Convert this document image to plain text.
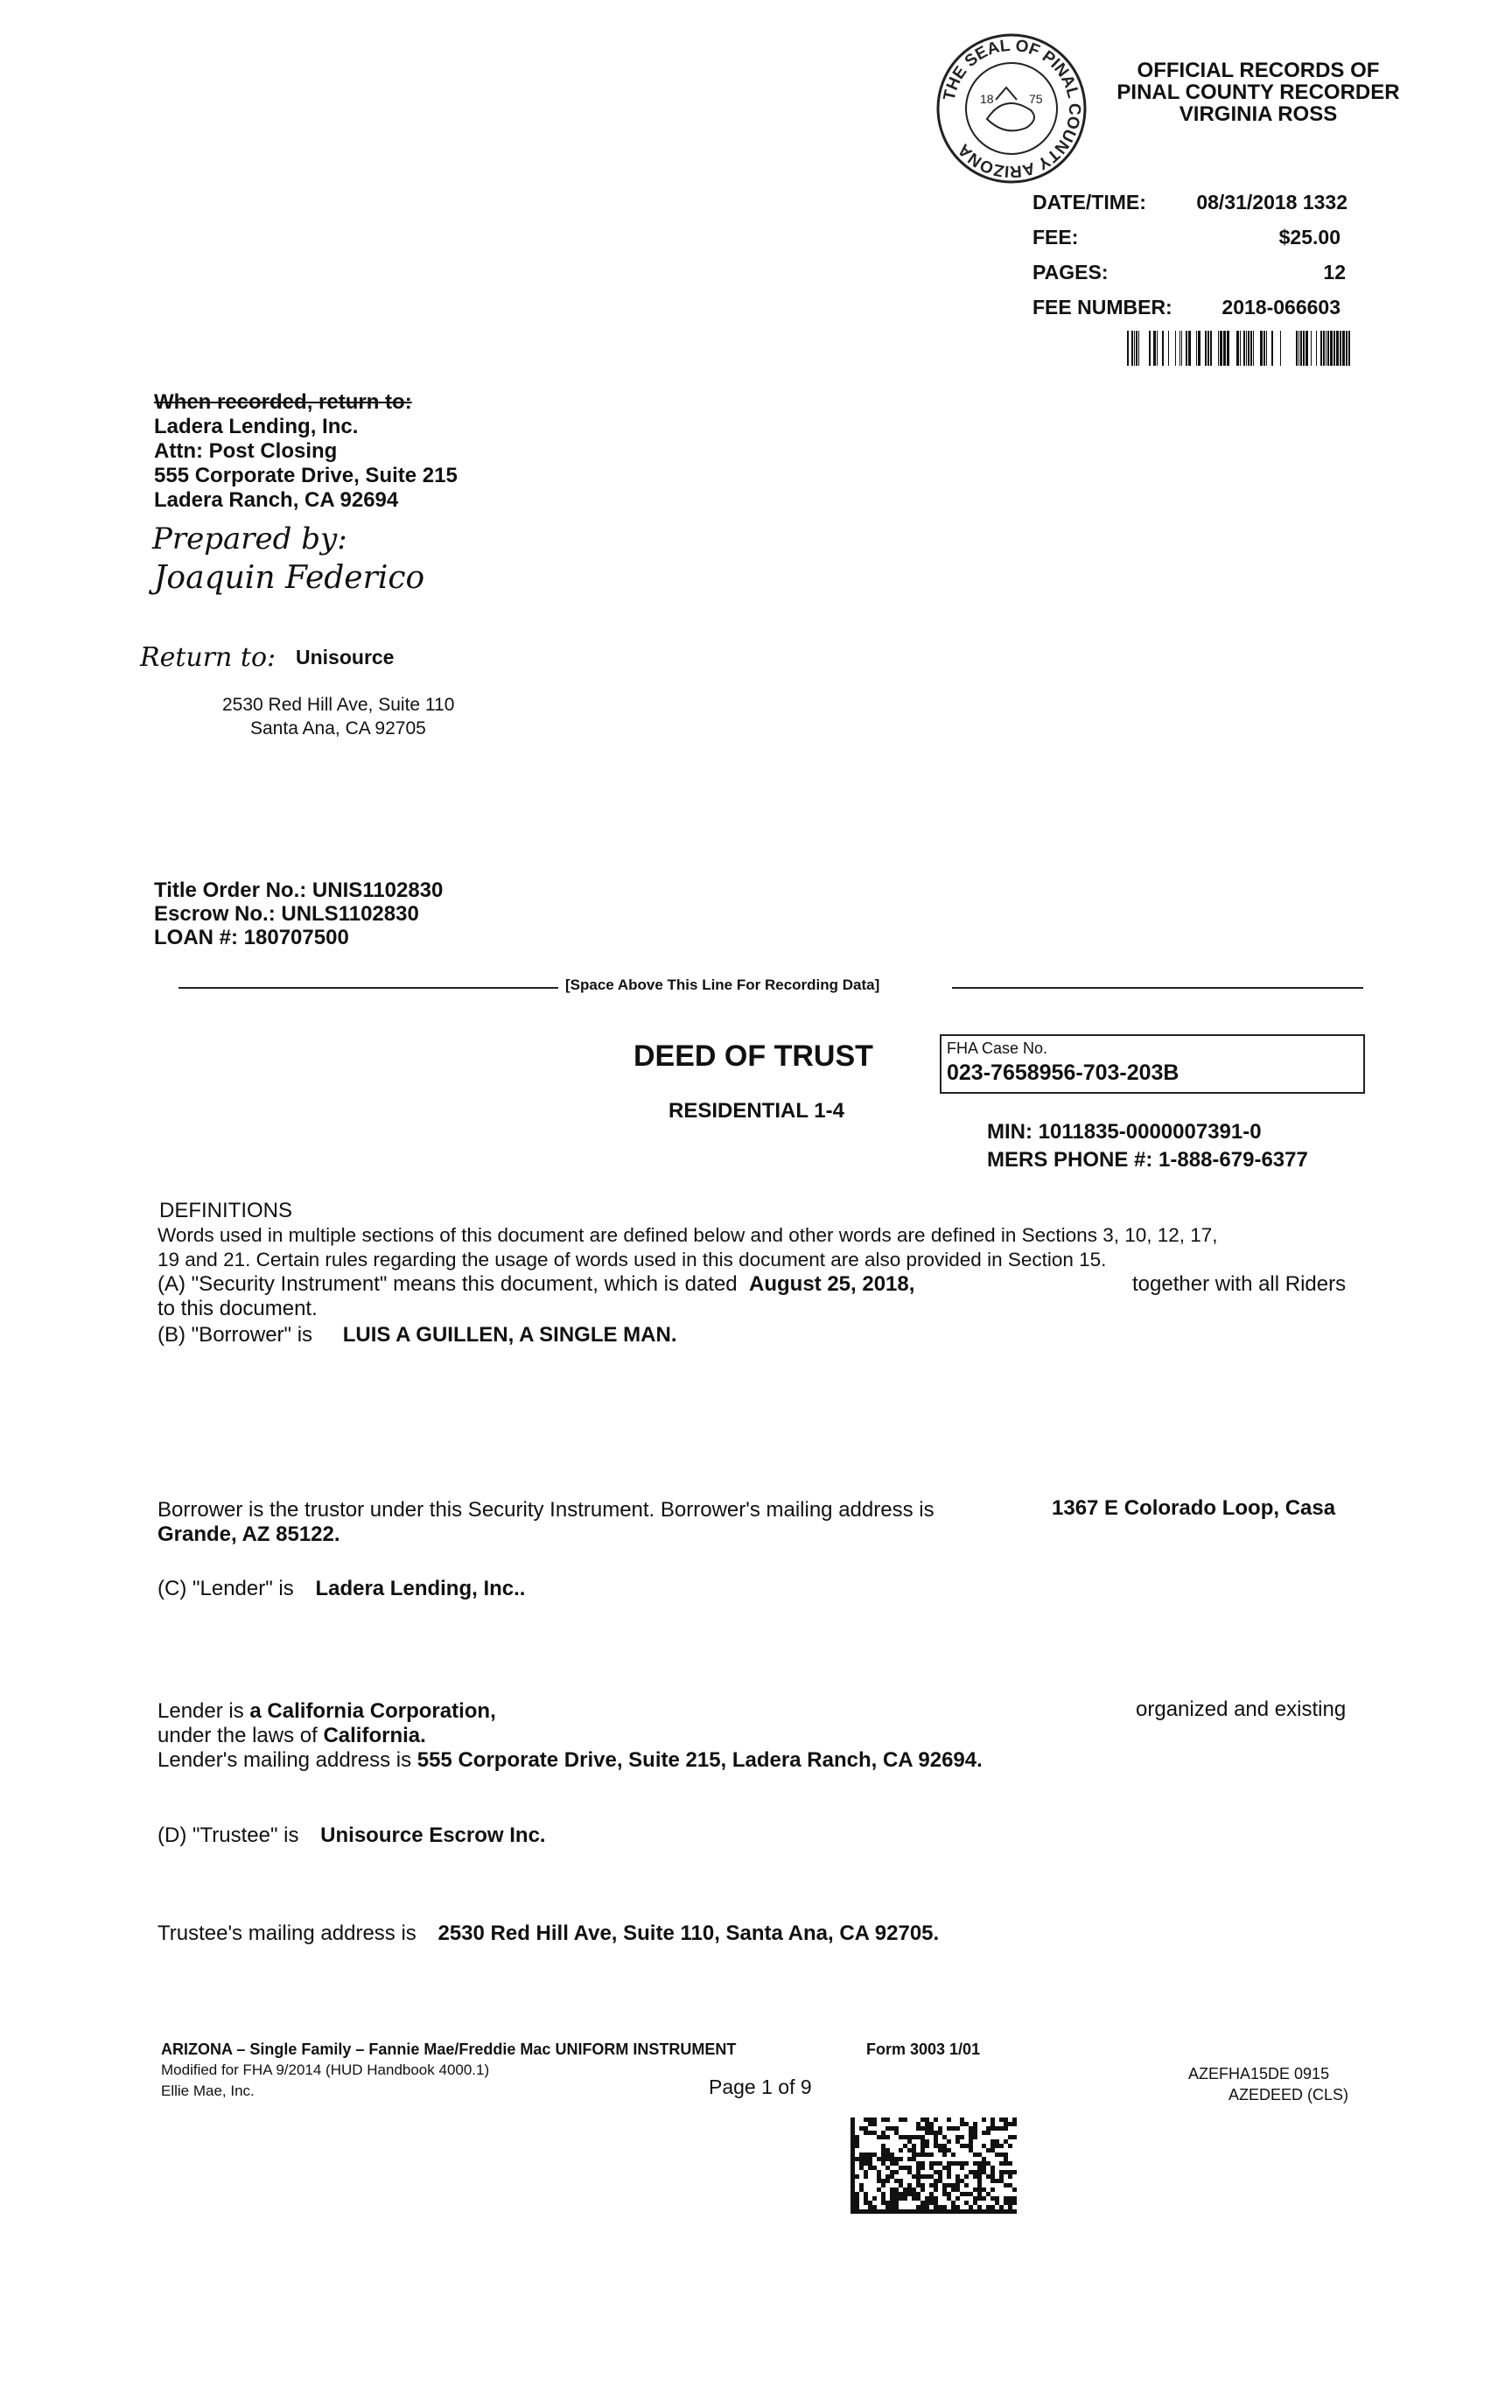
THE SEAL OF PINAL COUNTY ARIZONA
18	75
OFFICIAL RECORDS OF
PINAL COUNTY RECORDER
VIRGINIA ROSS
DATE/TIME: 08/31/2018 1332
FEE:	$25.00
PAGES:	12
FEE NUMBER: 2018-066603
When recorded, return to:
Ladera Lending, Inc.
Attn: Post Closing
555 Corporate Drive, Suite 215
Ladera Ranch, CA 92694
Prepared by:
Joaquin Federico
Return to: Unisource
2530 Red Hill Ave, Suite 110
Santa Ana, CA 92705
Title Order No.: UNIS1102830
Escrow No.: UNLS1102830
LOAN #: 180707500
[Space Above This Line For Recording Data]
DEED OF TRUST
RESIDENTIAL 1-4
FHA Case No.
023-7658956-703-203B
MIN: 1011835-0000007391-0
MERS PHONE #: 1-888-679-6377
DEFINITIONS
Words used in multiple sections of this document are defined below and other words are defined in Sections 3, 10, 12, 17,
19 and 21. Certain rules regarding the usage of words used in this document are also provided in Section 15.
(A) "Security Instrument" means this document, which is dated August 25, 2018,	together with all Riders
to this document.
(B) "Borrower" is LUIS A GUILLEN, A SINGLE MAN.
Borrower is the trustor under this Security Instrument. Borrower's mailing address is	1367 E Colorado Loop, Casa
Grande, AZ 85122.
(C) "Lender" is Ladera Lending, Inc..
Lender is a California Corporation,	organized and existing
under the laws of California.
Lender's mailing address is 555 Corporate Drive, Suite 215, Ladera Ranch, CA 92694.
(D) "Trustee" is Unisource Escrow Inc.
Trustee's mailing address is 2530 Red Hill Ave, Suite 110, Santa Ana, CA 92705.
ARIZONA – Single Family – Fannie Mae/Freddie Mac UNIFORM INSTRUMENT	Form 3003 1/01
Modified for FHA 9/2014 (HUD Handbook 4000.1)
Ellie Mae, Inc.	Page 1 of 9
AZEFHA15DE 0915
AZEDEED (CLS)
